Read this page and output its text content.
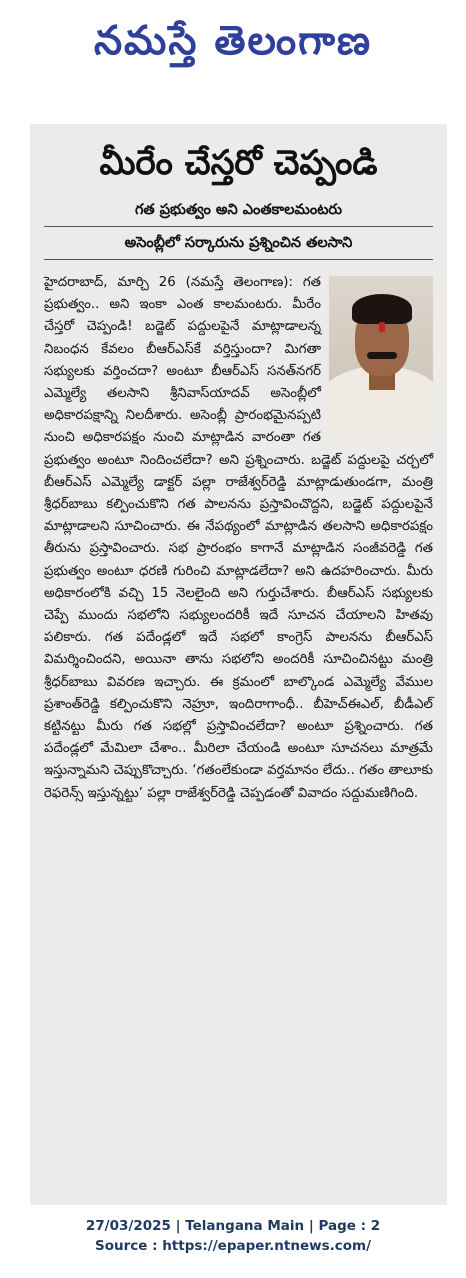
నమస్తే తెలంగాణ
మీరేం చేస్తరో చెప్పండి
గత ప్రభుత్వం అని ఎంతకాలమంటరు
అసెంబ్లీలో సర్కారును ప్రశ్నించిన తలసాని

హైదరాబాద్, మార్చి 26 (నమస్తే తెలంగాణ): గత ప్రభుత్వం.. అని ఇంకా ఎంత కాలమంటరు. మీరేం చేస్తరో చెప్పండి! బడ్జెట్ పద్దులపైనే మాట్లాడాలన్న నిబంధన కేవలం బీఆర్ఎస్‌కే వర్తిస్తుందా? మిగతా సభ్యులకు వర్తించదా? అంటూ బీఆర్ఎస్ సనత్‌నగర్ ఎమ్మెల్యే తలసాని శ్రీనివాస్‌యాదవ్ అసెంబ్లీలో అధికారపక్షాన్ని నిలదీశారు. అసెంబ్లీ ప్రారంభమైనప్పటి నుంచి అధికారపక్షం నుంచి మాట్లాడిన వారంతా గత ప్రభుత్వం అంటూ నిందించలేదా? అని ప్రశ్నించారు. బడ్జెట్ పద్దులపై చర్చలో బీఆర్ఎస్ ఎమ్మెల్యే డాక్టర్ పల్లా రాజేశ్వర్‌రెడ్డి మాట్లాడుతుండగా, మంత్రి శ్రీధర్‌బాబు కల్పించుకొని గత పాలనను ప్రస్తావించొద్దని, బడ్జెట్ పద్దులపైనే మాట్లాడాలని సూచించారు. ఈ నేపథ్యంలో మాట్లాడిన తలసాని అధికారపక్షం తీరును ప్రస్తావించారు. సభ ప్రారంభం కాగానే మాట్లాడిన సంజీవరెడ్డి గత ప్రభుత్వం అంటూ ధరణి గురించి మాట్లాడలేదా? అని ఉదహరించారు. మీరు అధికారంలోకి వచ్చి 15 నెలలైంది అని గుర్తుచేశారు. బీఆర్ఎస్ సభ్యులకు చెప్పే ముందు సభలోని సభ్యులందరికీ ఇదే సూచన చేయాలని హితవు పలికారు. గత పదేండ్లలో ఇదే సభలో కాంగ్రెస్ పాలనను బీఆర్ఎస్ విమర్శించిందని, అయినా తాను సభలోని అందరికీ సూచించినట్టు మంత్రి శ్రీధర్‌బాబు వివరణ ఇచ్చారు. ఈ క్రమంలో బాల్కొండ ఎమ్మెల్యే వేముల ప్రశాంత్‌రెడ్డి కల్పించుకొని నెహ్రూ, ఇందిరాగాంధీ.. బీహెచ్ఈఎల్, బీడీఎల్ కట్టినట్టు మీరు గత సభల్లో ప్రస్తావించలేదా? అంటూ ప్రశ్నించారు. గత పదేండ్లలో మేమిలా చేశాం.. మీరిలా చేయండి అంటూ సూచనలు మాత్రమే ఇస్తున్నామని చెప్పుకొచ్చారు. ‘గతంలేకుండా వర్తమానం లేదు.. గతం తాలూకు రెఫరెన్స్ ఇస్తున్నట్టు’ పల్లా రాజేశ్వర్‌రెడ్డి చెప్పడంతో వివాదం సద్దుమణిగింది.

27/03/2025 | Telangana Main | Page : 2
Source : https://epaper.ntnews.com/
